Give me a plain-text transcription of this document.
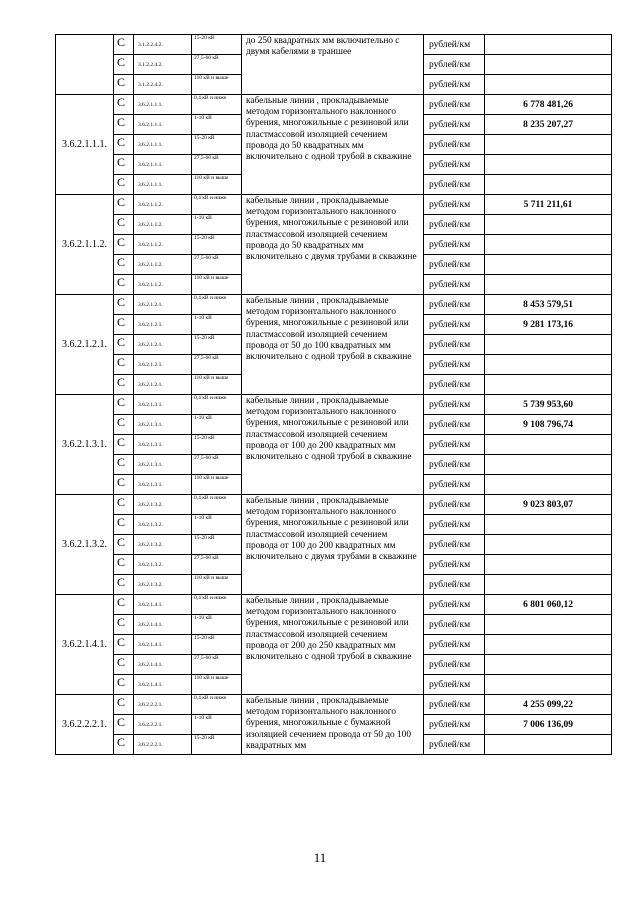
	С	3.1.2.2.4.2.	15-20 кВ	до 250 квадратных мм включительно с двумя кабелями в траншее	рублей/км	
	С	3.1.2.2.4.2.	27,5-60 кВ		рублей/км	
	С	3.1.2.2.4.2.	110 кВ и выше		рублей/км	
3.6.2.1.1.1.	С	3.6.2.1.1.1.	0,4 кВ и ниже	кабельные линии , прокладываемые методом горизонтального наклонного бурения, многожильные с резиновой или пластмассовой изоляцией сечением провода до 50 квадратных мм включительно с одной трубой в скважине	рублей/км	6 778 481,26
	С	3.6.2.1.1.1.	1-10 кВ		рублей/км	8 235 207,27
	С	3.6.2.1.1.1.	15-20 кВ		рублей/км	
	С	3.6.2.1.1.1.	27,5-60 кВ		рублей/км	
	С	3.6.2.1.1.1.	110 кВ и выше		рублей/км	
3.6.2.1.1.2.	С	3.6.2.1.1.2.	0,4 кВ и ниже	кабельные линии , прокладываемые методом горизонтального наклонного бурения, многожильные с резиновой или пластмассовой изоляцией сечением провода до 50 квадратных мм включительно с двумя трубами в скважине	рублей/км	5 711 211,61
	С	3.6.2.1.1.2.	1-10 кВ		рублей/км	
	С	3.6.2.1.1.2.	15-20 кВ		рублей/км	
	С	3.6.2.1.1.2.	27,5-60 кВ		рублей/км	
	С	3.6.2.1.1.2.	110 кВ и выше		рублей/км	
3.6.2.1.2.1.	С	3.6.2.1.2.1.	0,4 кВ и ниже	кабельные линии , прокладываемые методом горизонтального наклонного бурения, многожильные с резиновой или пластмассовой изоляцией сечением провода от 50 до 100 квадратных мм включительно с одной трубой в скважине	рублей/км	8 453 579,51
	С	3.6.2.1.2.1.	1-10 кВ		рублей/км	9 281 173,16
	С	3.6.2.1.2.1.	15-20 кВ		рублей/км	
	С	3.6.2.1.2.1.	27,5-60 кВ		рублей/км	
	С	3.6.2.1.2.1.	110 кВ и выше		рублей/км	
3.6.2.1.3.1.	С	3.6.2.1.3.1.	0,4 кВ и ниже	кабельные линии , прокладываемые методом горизонтального наклонного бурения, многожильные с резиновой или пластмассовой изоляцией сечением провода от 100 до 200 квадратных мм включительно с одной трубой в скважине	рублей/км	5 739 953,60
	С	3.6.2.1.3.1.	1-10 кВ		рублей/км	9 108 796,74
	С	3.6.2.1.3.1.	15-20 кВ		рублей/км	
	С	3.6.2.1.3.1.	27,5-60 кВ		рублей/км	
	С	3.6.2.1.3.1.	110 кВ и выше		рублей/км	
3.6.2.1.3.2.	С	3.6.2.1.3.2.	0,4 кВ и ниже	кабельные линии , прокладываемые методом горизонтального наклонного бурения, многожильные с резиновой или пластмассовой изоляцией сечением провода от 100 до 200 квадратных мм включительно с двумя трубами в скважине	рублей/км	9 023 803,07
	С	3.6.2.1.3.2.	1-10 кВ		рублей/км	
	С	3.6.2.1.3.2.	15-20 кВ		рублей/км	
	С	3.6.2.1.3.2.	27,5-60 кВ		рублей/км	
	С	3.6.2.1.3.2.	110 кВ и выше		рублей/км	
3.6.2.1.4.1.	С	3.6.2.1.4.1.	0,4 кВ и ниже	кабельные линии , прокладываемые методом горизонтального наклонного бурения, многожильные с резиновой или пластмассовой изоляцией сечением провода от 200 до 250 квадратных мм включительно с одной трубой в скважине	рублей/км	6 801 060,12
	С	3.6.2.1.4.1.	1-10 кВ		рублей/км	
	С	3.6.2.1.4.1.	15-20 кВ		рублей/км	
	С	3.6.2.1.4.1.	27,5-60 кВ		рублей/км	
	С	3.6.2.1.4.1.	110 кВ и выше		рублей/км	
3.6.2.2.2.1.	С	3.6.2.2.2.1.	0,4 кВ и ниже	кабельные линии , прокладываемые методом горизонтального наклонного бурения, многожильные с бумажной изоляцией сечением провода от 50 до 100 квадратных мм	рублей/км	4 255 099,22
	С	3.6.2.2.2.1.	1-10 кВ		рублей/км	7 006 136,09
	С	3.6.2.2.2.1.	15-20 кВ		рублей/км	
11
